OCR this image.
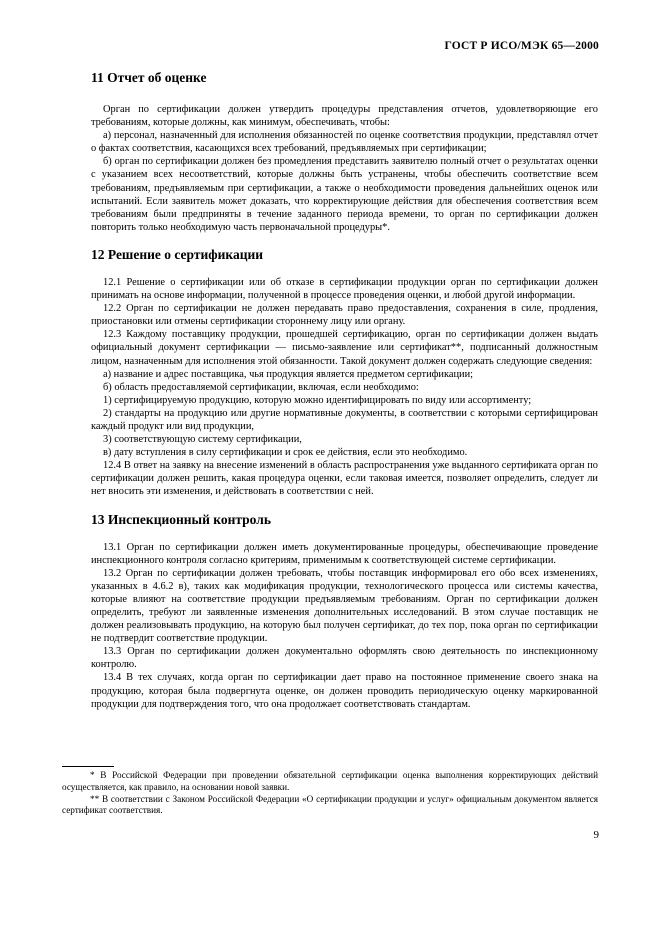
ГОСТ Р ИСО/МЭК 65—2000
11 Отчет об оценке

Орган по сертификации должен утвердить процедуры представления отчетов, удовлетворяющие его требованиям, которые должны, как минимум, обеспечивать, чтобы:

а) персонал, назначенный для исполнения обязанностей по оценке соответствия продукции, представлял отчет о фактах соответствия, касающихся всех требований, предъявляемых при сертификации;

б) орган по сертификации должен без промедления представить заявителю полный отчет о результатах оценки с указанием всех несоответствий, которые должны быть устранены, чтобы обеспечить соответствие всем требованиям, предъявляемым при сертификации, а также о необходимости проведения дальнейших оценок или испытаний. Если заявитель может доказать, что корректирующие действия для обеспечения соответствия всем требованиям были предприняты в течение заданного периода времени, то орган по сертификации должен повторить только необходимую часть первоначальной процедуры*.

12 Решение о сертификации

12.1 Решение о сертификации или об отказе в сертификации продукции орган по сертификации должен принимать на основе информации, полученной в процессе проведения оценки, и любой другой информации.

12.2 Орган по сертификации не должен передавать право предоставления, сохранения в силе, продления, приостановки или отмены сертификации стороннему лицу или органу.

12.3 Каждому поставщику продукции, прошедшей сертификацию, орган по сертификации должен выдать официальный документ сертификации — письмо-заявление или сертификат**, подписанный должностным лицом, назначенным для исполнения этой обязанности. Такой документ должен содержать следующие сведения:

а) название и адрес поставщика, чья продукция является предметом сертификации;

б) область предоставляемой сертификации, включая, если необходимо:

1) сертифицируемую продукцию, которую можно идентифицировать по виду или ассортименту;

2) стандарты на продукцию или другие нормативные документы, в соответствии с которыми сертифицирован каждый продукт или вид продукции,

3) соответствующую систему сертификации,

в) дату вступления в силу сертификации и срок ее действия, если это необходимо.

12.4 В ответ на заявку на внесение изменений в область распространения уже выданного сертификата орган по сертификации должен решить, какая процедура оценки, если таковая имеется, позволяет определить, следует ли нет вносить эти изменения, и действовать в соответствии с ней.

13 Инспекционный контроль

13.1 Орган по сертификации должен иметь документированные процедуры, обеспечивающие проведение инспекционного контроля согласно критериям, применимым к соответствующей системе сертификации.

13.2 Орган по сертификации должен требовать, чтобы поставщик информировал его обо всех изменениях, указанных в 4.6.2 в), таких как модификация продукции, технологического процесса или системы качества, которые влияют на соответствие продукции предъявляемым требованиям. Орган по сертификации должен определить, требуют ли заявленные изменения дополнительных исследований. В этом случае поставщик не должен реализовывать продукцию, на которую был получен сертификат, до тех пор, пока орган по сертификации не подтвердит соответствие продукции.

13.3 Орган по сертификации должен документально оформлять свою деятельность по инспекционному контролю.

13.4 В тех случаях, когда орган по сертификации дает право на постоянное применение своего знака на продукцию, которая была подвергнута оценке, он должен проводить периодическую оценку маркированной продукции для подтверждения того, что она продолжает соответствовать стандартам.

* В Российской Федерации при проведении обязательной сертификации оценка выполнения корректирующих действий осуществляется, как правило, на основании новой заявки.

** В соответствии с Законом Российской Федерации «О сертификации продукции и услуг» официальным документом является сертификат соответствия.

9
